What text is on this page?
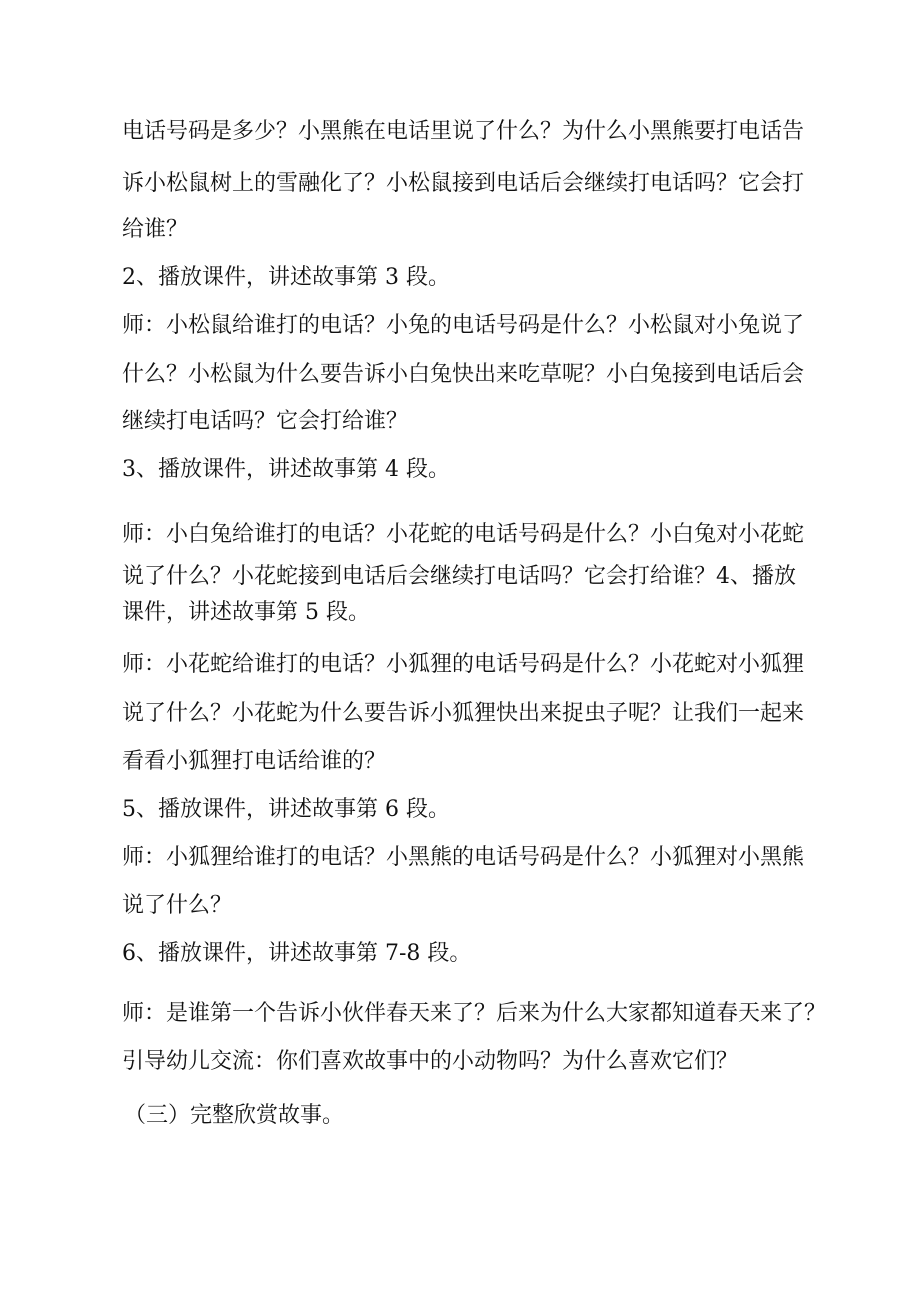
电话号码是多少？小黑熊在电话里说了什么？为什么小黑熊要打电话告

诉小松鼠树上的雪融化了？小松鼠接到电话后会继续打电话吗？它会打

给谁？

2、播放课件，讲述故事第 3 段。

师：小松鼠给谁打的电话？小兔的电话号码是什么？小松鼠对小兔说了

什么？小松鼠为什么要告诉小白兔快出来吃草呢？小白兔接到电话后会

继续打电话吗？它会打给谁？

3、播放课件，讲述故事第 4 段。

师：小白兔给谁打的电话？小花蛇的电话号码是什么？小白兔对小花蛇

说了什么？小花蛇接到电话后会继续打电话吗？它会打给谁？4、播放

课件，讲述故事第 5 段。

师：小花蛇给谁打的电话？小狐狸的电话号码是什么？小花蛇对小狐狸

说了什么？小花蛇为什么要告诉小狐狸快出来捉虫子呢？让我们一起来

看看小狐狸打电话给谁的？

5、播放课件，讲述故事第 6 段。

师：小狐狸给谁打的电话？小黑熊的电话号码是什么？小狐狸对小黑熊

说了什么？

6、播放课件，讲述故事第 7-8 段。

师：是谁第一个告诉小伙伴春天来了？后来为什么大家都知道春天来了？

引导幼儿交流：你们喜欢故事中的小动物吗？为什么喜欢它们？

（三）完整欣赏故事。
